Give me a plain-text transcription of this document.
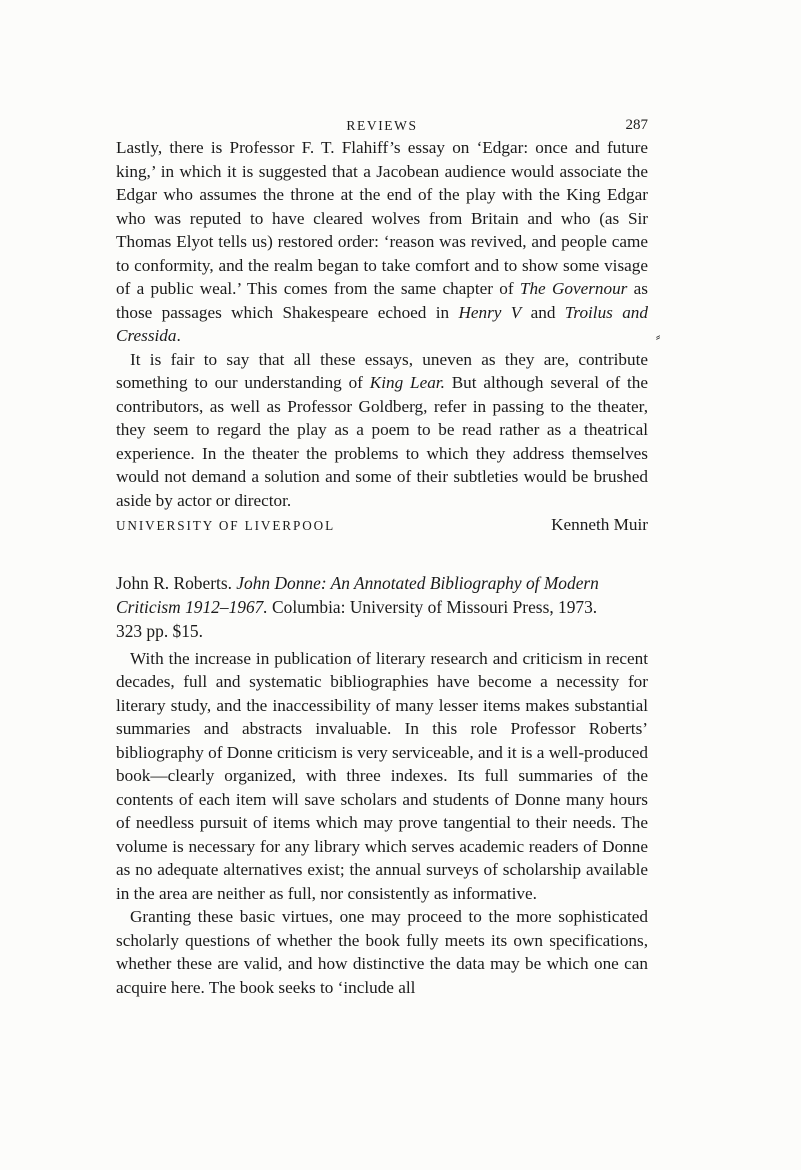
REVIEWS	287

Lastly, there is Professor F. T. Flahiff’s essay on ‘Edgar: once and future king,’ in which it is suggested that a Jacobean audience would associate the Edgar who assumes the throne at the end of the play with the King Edgar who was reputed to have cleared wolves from Britain and who (as Sir Thomas Elyot tells us) restored order: ‘reason was revived, and people came to conformity, and the realm began to take comfort and to show some visage of a public weal.’ This comes from the same chapter of The Governour as those passages which Shakespeare echoed in Henry V and Troilus and Cressida.	⸗

It is fair to say that all these essays, uneven as they are, contribute something to our understanding of King Lear. But although several of the contributors, as well as Professor Goldberg, refer in passing to the theater, they seem to regard the play as a poem to be read rather as a theatrical experience. In the theater the problems to which they address themselves would not demand a solution and some of their subtleties would be brushed aside by actor or director.

UNIVERSITY OF LIVERPOOL	Kenneth Muir
John R. Roberts. John Donne: An Annotated Bibliography of Modern
Criticism 1912–1967. Columbia: University of Missouri Press, 1973.
323 pp. $15.

With the increase in publication of literary research and criticism in recent decades, full and systematic bibliographies have become a necessity for literary study, and the inaccessibility of many lesser items makes substantial summaries and abstracts invaluable. In this role Professor Roberts’ bibliography of Donne criticism is very serviceable, and it is a well-produced book—clearly organized, with three indexes. Its full summaries of the contents of each item will save scholars and students of Donne many hours of needless pursuit of items which may prove tangential to their needs. The volume is necessary for any library which serves academic readers of Donne as no adequate alternatives exist; the annual surveys of scholarship available in the area are neither as full, nor consistently as informative.

Granting these basic virtues, one may proceed to the more sophisticated scholarly questions of whether the book fully meets its own specifications, whether these are valid, and how distinctive the data may be which one can acquire here. The book seeks to ‘include all
